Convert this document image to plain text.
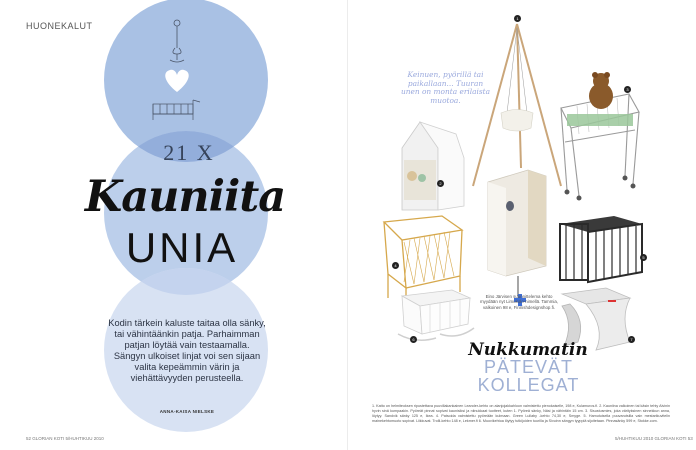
HUONEKALUT
21 X
Kauniita
UNIA
Kodin tärkein kaluste taitaa olla sänky, tai vähintäänkin patja. Parhaimman patjan löytää vain testaamalla. Sängyn ulkoiset linjat voi sen sijaan valita kepeämmin värin ja viehättävyyden perusteella.
ANNA-KAISA NIELSKE
52 GLORIAN KOTI 5/HUHTIKUU 2010
Keinuen, pyörillä tai paikallaan... Tuuran unen on monta erilaista muotoa.
1
2
3
Eino Järvisen suunnittelema kehto myydään nyt Limukolo-nimellä. Tammia, valkoinen 98 e, Finnishdesignshop.fi.
4
5
6	7
Nukkumatin
PÄTEVÄT KOLLEGAT
1. Katto on helmiteoksen ripustettava puuvillakankainen Leander-kehto on alanjojakkahloon valmistettu pienokaiselle, 198 e, Kulamuros.fi. 2. Kauniina valkoinen tai käsin tehty Alvinin hyvin sinä kumpaakin. Pyöreät pinnat sopivat kaunisiksi ja niinukkaat tuotteet, kuten 1. Pyöreä sänky, Näsi ja vähintäin 15 cm. 3. Sisustusmies, joka värityksinen sinnekkun anna, löytyy. Sandvik sänky 125 e, Ikea. 4. Patsoida valmistettu pyöreään kulmaan. Green Lullaby -kehto 74,30 e, Smyge. 5. Hamutuisella puuvarutsilla vain mestarikuvitelin mainekehtomuoto sopivat. Liikkuvat. Trolli-kehto 148 e, Lekmer.fi 6. Muovikehtoa löytyy tutkijoiden tuurilla ja Sivuinn sängyn tyyppiä sijoitetaan. Pinnasänky 599 e, Stokke.com.
5/HUHTIKUU 2010 GLORIAN KOTI 53
